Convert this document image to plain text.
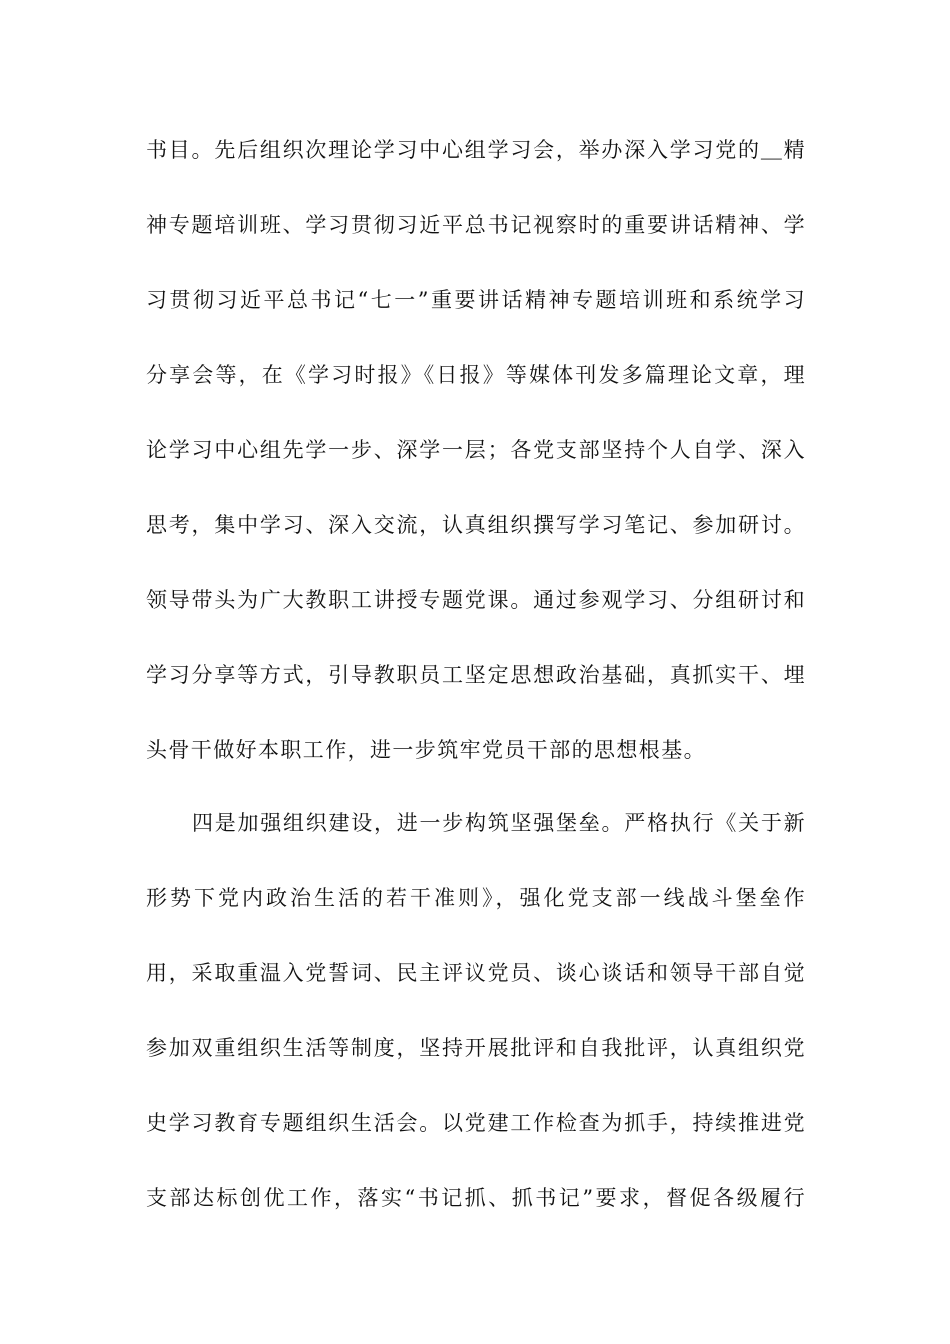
书目。先后组织次理论学习中心组学习会，举办深入学习党的＿精
神专题培训班、学习贯彻习近平总书记视察时的重要讲话精神、学
习贯彻习近平总书记“七一”重要讲话精神专题培训班和系统学习
分享会等，在《学习时报》《日报》等媒体刊发多篇理论文章，理
论学习中心组先学一步、深学一层；各党支部坚持个人自学、深入
思考，集中学习、深入交流，认真组织撰写学习笔记、参加研讨。
领导带头为广大教职工讲授专题党课。通过参观学习、分组研讨和
学习分享等方式，引导教职员工坚定思想政治基础，真抓实干、埋
头骨干做好本职工作，进一步筑牢党员干部的思想根基。
四是加强组织建设，进一步构筑坚强堡垒。严格执行《关于新
形势下党内政治生活的若干准则》，强化党支部一线战斗堡垒作
用，采取重温入党誓词、民主评议党员、谈心谈话和领导干部自觉
参加双重组织生活等制度，坚持开展批评和自我批评，认真组织党
史学习教育专题组织生活会。以党建工作检查为抓手，持续推进党
支部达标创优工作，落实“书记抓、抓书记”要求，督促各级履行
